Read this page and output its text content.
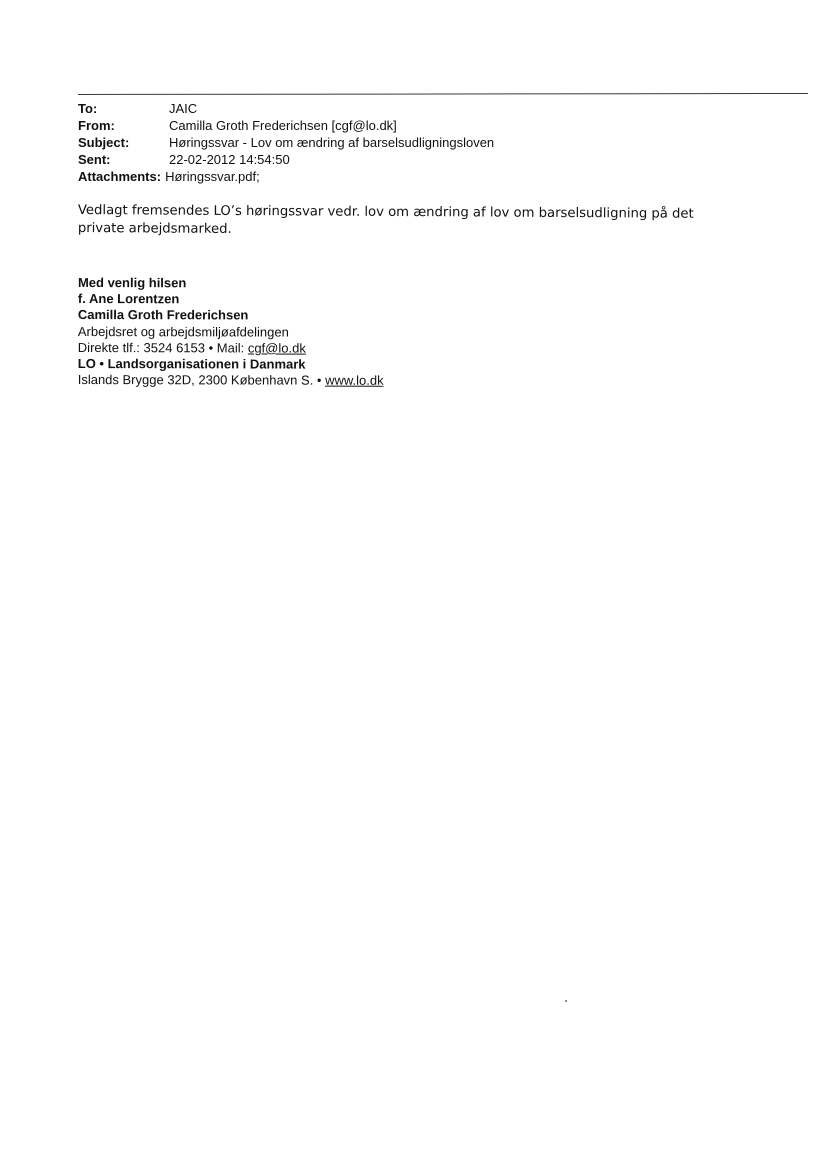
To:	JAIC
From:	Camilla Groth Frederichsen [cgf@lo.dk]
Subject:	Høringssvar - Lov om ændring af barselsudligningsloven
Sent:	22-02-2012 14:54:50
Attachments: Høringssvar.pdf;
Vedlagt fremsendes LO’s høringssvar vedr. lov om ændring af lov om barselsudligning på det private arbejdsmarked.
Med venlig hilsen
f. Ane Lorentzen
Camilla Groth Frederichsen
Arbejdsret og arbejdsmiljøafdelingen
Direkte tlf.: 3524 6153 • Mail: cgf@lo.dk
LO • Landsorganisationen i Danmark
Islands Brygge 32D, 2300 København S. • www.lo.dk
